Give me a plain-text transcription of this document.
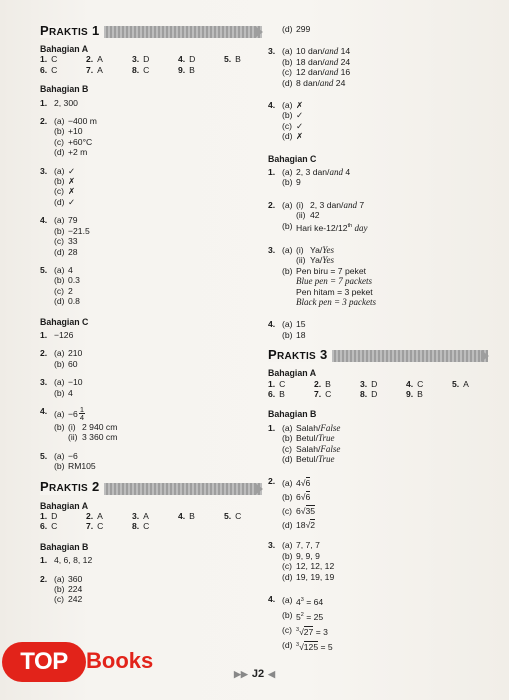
PRAKTIS 1
Bahagian A
1. C	2. A	3. D	4. D	5. B
6. C	7. A	8. C	9. B
Bahagian B
1. 2, 300
2. (a) −400 m
(b) +10
(c) +60°C
(d) +2 m
3. (a) ✓
(b) ✗
(c) ✗
(d) ✓
4. (a) 79
(b) −21.5
(c) 33
(d) 28
5. (a) 4
(b) 0.3
(c) 2
(d) 0.8
Bahagian C
1. −126
2. (a) 210
(b) 60
3. (a) −10
(b) 4
4. (a) −6 1
4
(b) (i) 2 940 cm
(ii) 3 360 cm
5. (a) −6
(b) RM105
PRAKTIS 2
Bahagian A
1. D	2. A	3. A	4. B	5. C
6. C	7. C	8. C
Bahagian B
1. 4, 6, 8, 12
2. (a) 360
(b) 224
(c) 242
(d) 299
3. (a) 10 dan/and 14
(b) 18 dan/and 24
(c) 12 dan/and 16
(d) 8 dan/and 24
4. (a) ✗
(b) ✓
(c) ✓
(d) ✗
Bahagian C
1. (a) 2, 3 dan/and 4
(b) 9
2. (a) (i) 2, 3 dan/and 7
(ii) 42
(b) Hari ke-12/12th day
3. (a) (i) Ya/Yes
(ii) Ya/Yes
(b) Pen biru = 7 peket
Blue pen = 7 packets
Pen hitam = 3 peket
Black pen = 3 packets
4. (a) 15
(b) 18
PRAKTIS 3
Bahagian A
1. C	2. B	3. D	4. C	5. A
6. B	7. C	8. D	9. B
Bahagian B
1. (a) Salah/False
(b) Betul/True
(c) Salah/False
(d) Betul/True
2. (a) 4√6
(b) 6√6
(c) 6√35
(d) 18√2
3. (a) 7, 7, 7
(b) 9, 9, 9
(c) 12, 12, 12
(d) 19, 19, 19
4. (a) $4^3 = 64$
(b) $5^2 = 25$
(c) $^3$√27 = 3
(d) $^3$√125 = 5
▶▶ J2 ◀
TOP Books
